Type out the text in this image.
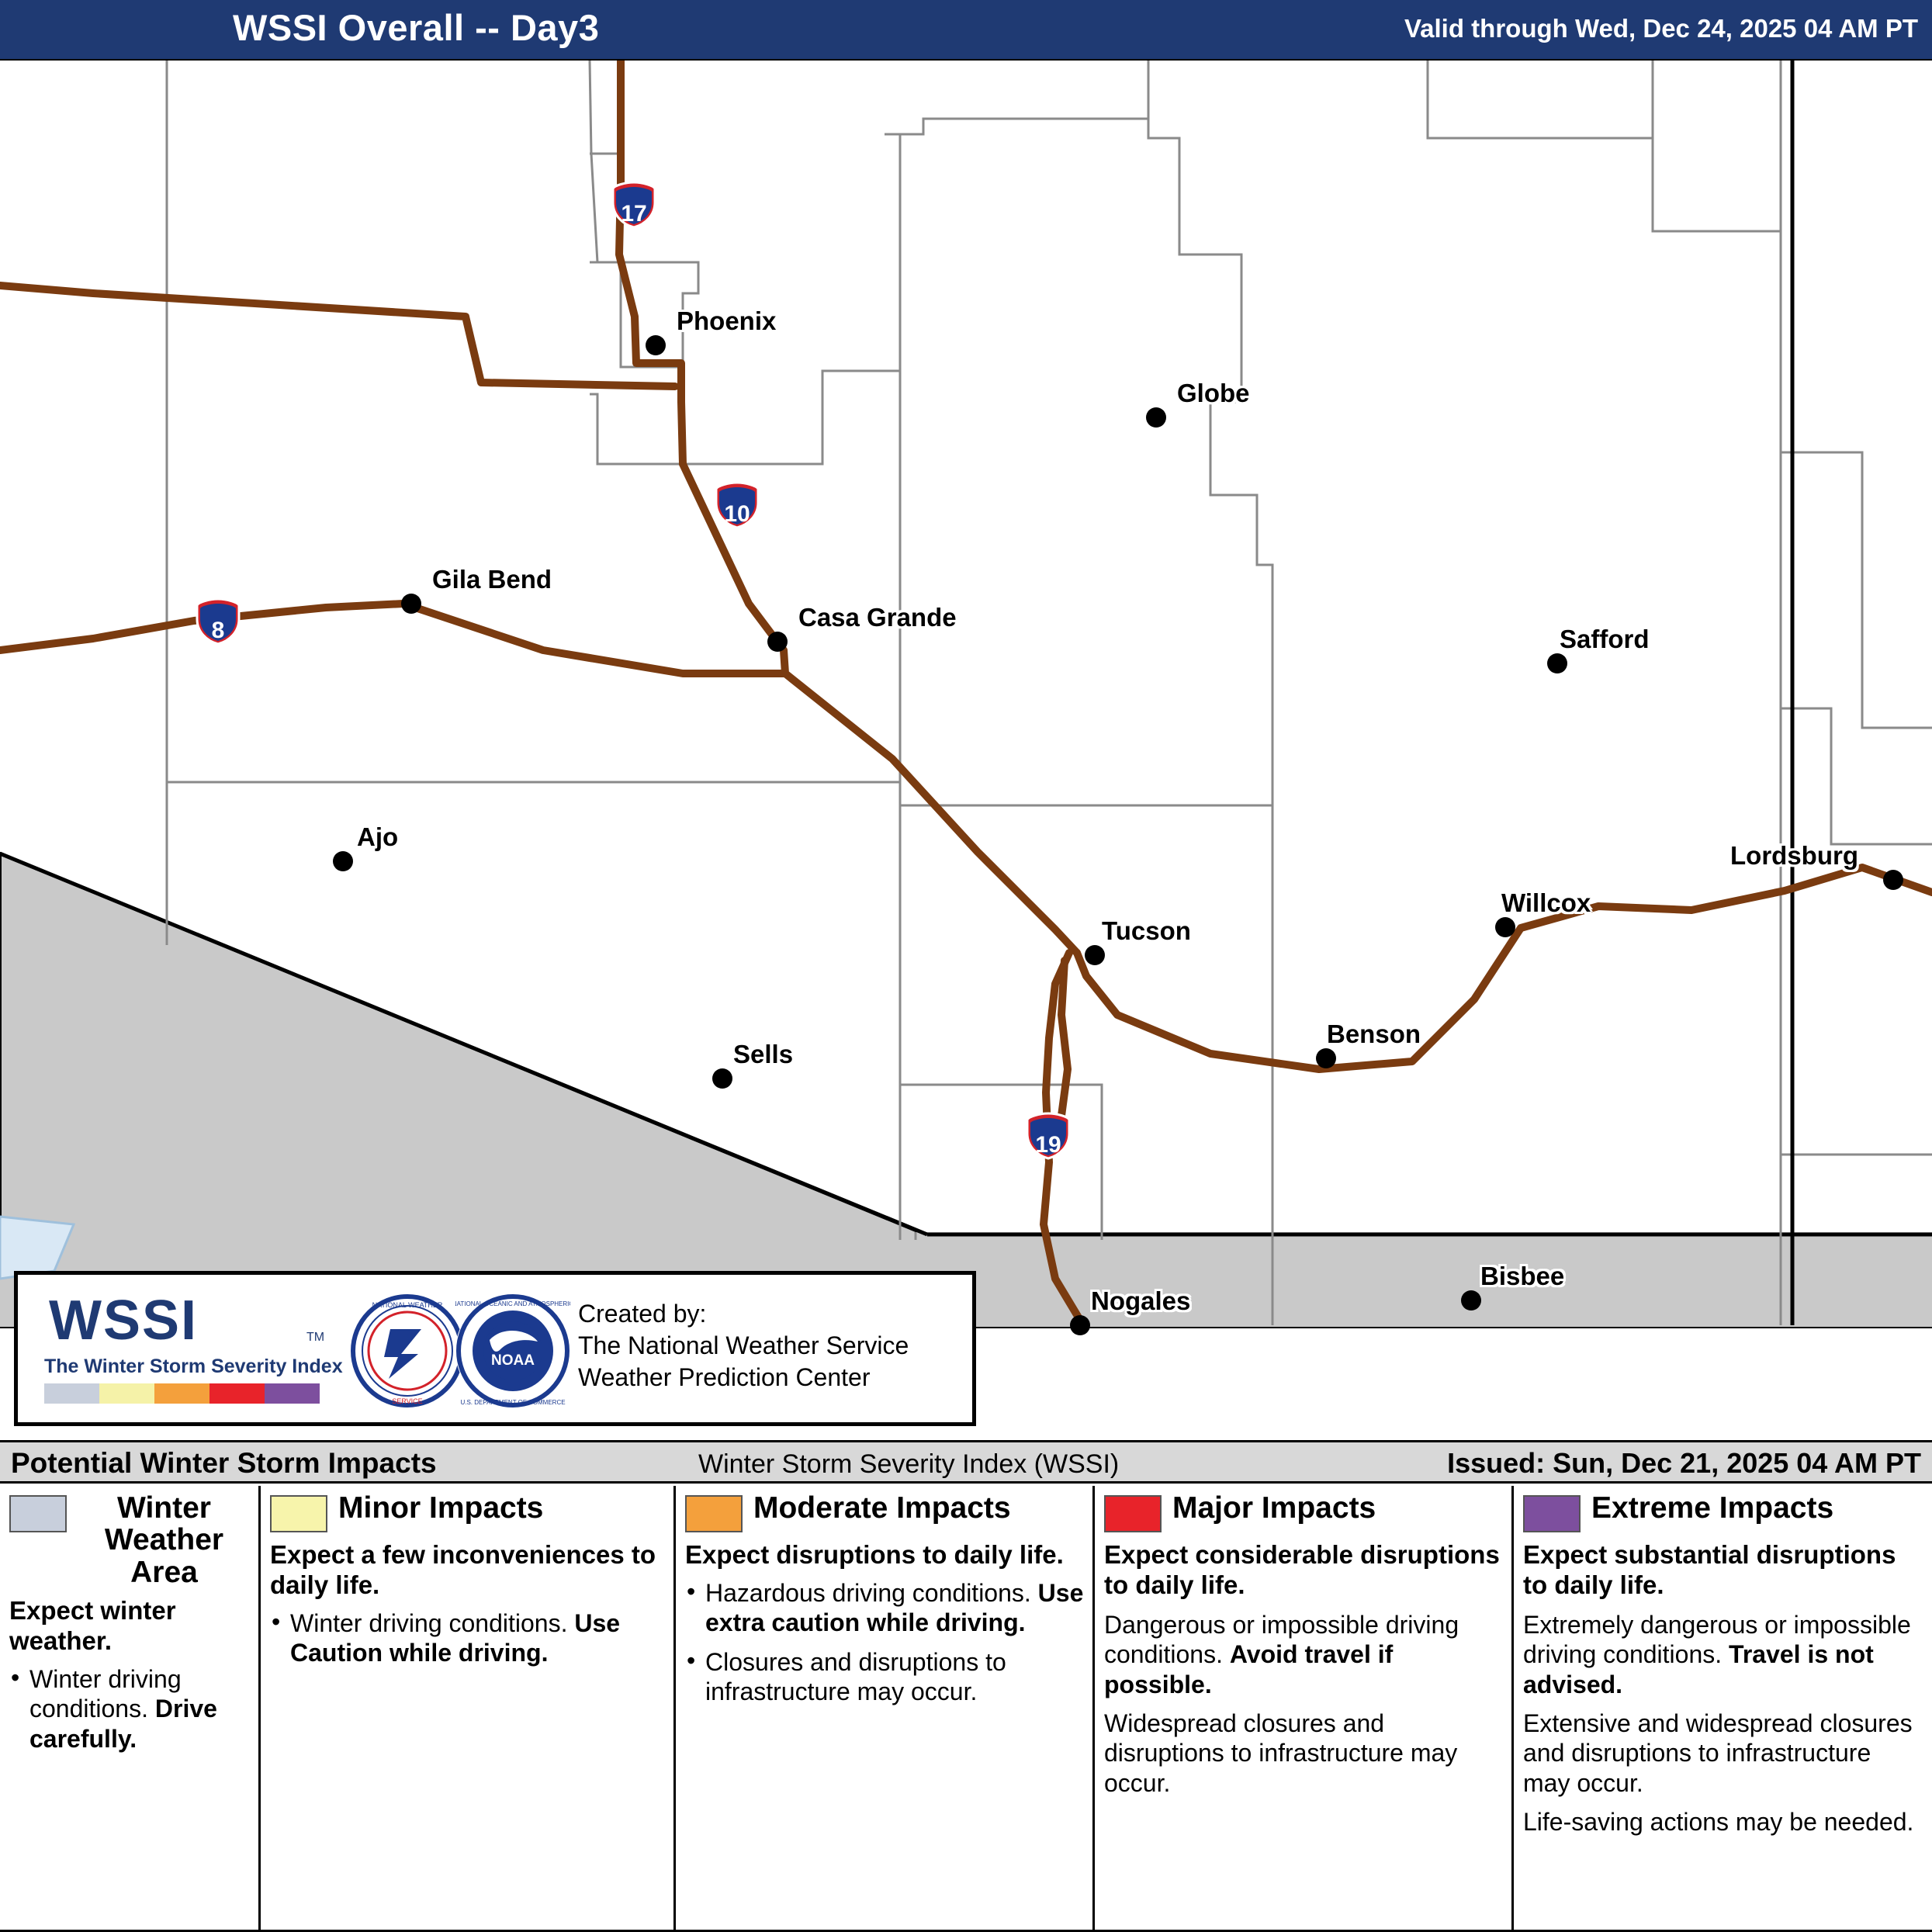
WSSI Overall -- Day3	Valid through Wed, Dec 24, 2025 04 AM PT
17
10
8
19
Phoenix
Globe
Gila Bend
Casa Grande
Safford
Ajo
Lordsburg
Willcox
Tucson
Benson
Sells
Bisbee
Nogales
WSSI	TM
The Winter Storm Severity Index
NATIONAL WEATHER
SERVICE
NOAA
NATIONAL OCEANIC AND ATMOSPHERIC
U.S. DEPARTMENT OF COMMERCE
Created by:
The National Weather Service
Weather Prediction Center
Potential Winter Storm Impacts	Winter Storm Severity Index (WSSI)	Issued: Sun, Dec 21, 2025 04 AM PT
Winter Weather Area
Expect winter weather.
• Winter driving conditions. Drive carefully.
Minor Impacts
Expect a few inconveniences to daily life.
• Winter driving conditions. Use Caution while driving.
Moderate Impacts
Expect disruptions to daily life.
• Hazardous driving conditions. Use extra caution while driving.
• Closures and disruptions to infrastructure may occur.
Major Impacts
Expect considerable disruptions to daily life.
Dangerous or impossible driving conditions. Avoid travel if possible.
Widespread closures and disruptions to infrastructure may occur.
Extreme Impacts
Expect substantial disruptions to daily life.
Extremely dangerous or impossible driving conditions. Travel is not advised.
Extensive and widespread closures and disruptions to infrastructure may occur.
Life-saving actions may be needed.
